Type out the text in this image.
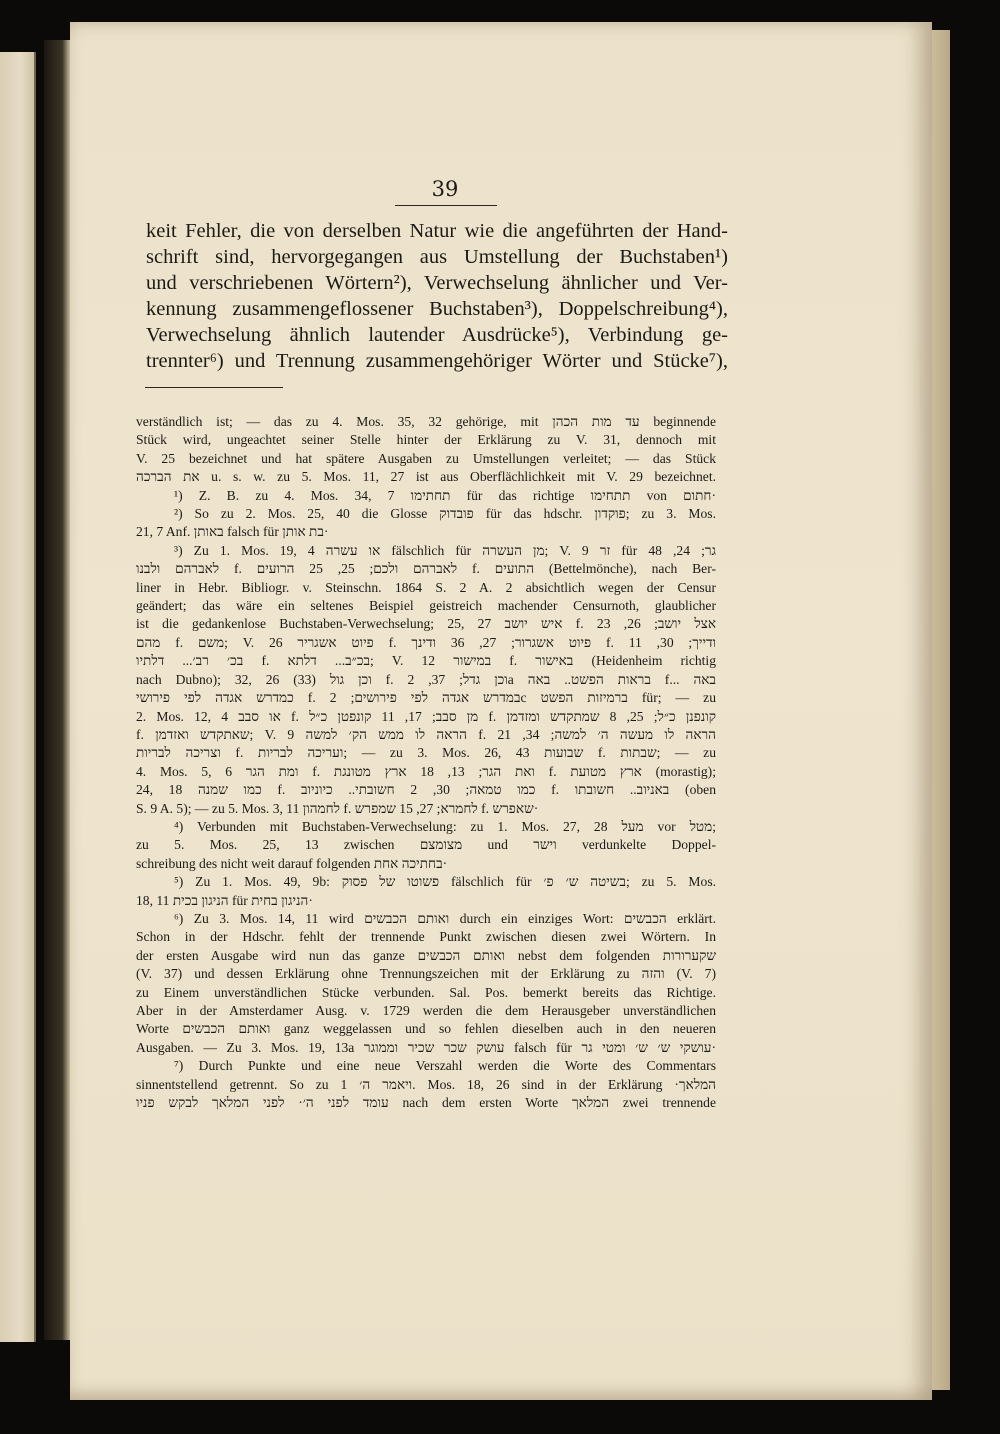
39
keit Fehler, die von derselben Natur wie die angeführten der Hand-
schrift sind, hervorgegangen aus Umstellung der Buchstaben¹)
und verschriebenen Wörtern²), Verwechselung ähnlicher und Ver-
kennung zusammengeflossener Buchstaben³), Doppelschreibung⁴),
Verwechselung ähnlich lautender Ausdrücke⁵), Verbindung ge-
trennter⁶) und Trennung zusammengehöriger Wörter und Stücke⁷),
verständlich ist; — das zu 4. Mos. 35, 32 gehörige, mit עד מות הכהן beginnende
Stück wird, ungeachtet seiner Stelle hinter der Erklärung zu V. 31, dennoch mit
V. 25 bezeichnet und hat spätere Ausgaben zu Umstellungen verleitet; — das Stück
את הברכה u. s. w. zu 5. Mos. 11, 27 ist aus Oberflächlichkeit mit V. 29 bezeichnet.
¹) Z. B. zu 4. Mos. 34, 7 תחתימו für das richtige תתחימו von חתום·
²) So zu 2. Mos. 25, 40 die Glosse פובדוק für das hdschr. פוקדון; zu 3. Mos.
21, 7 Anf. באותן falsch für בת אותן·
³) Zu 1. Mos. 19, 4 או עשרה fälschlich für מן העשרה; V. 9 זר für גר; 24, 48
לאברהם ולבנו f. לאברהם ולכם; 25, 25 הרועים f. התועים (Bettelmönche), nach Ber-
liner in Hebr. Bibliogr. v. Steinschn. 1864 S. 2 A. 2 absichtlich wegen der Censur
geändert; das wäre ein seltenes Beispiel geistreich machender Censurnoth, glaublicher
ist die gedankenlose Buchstaben-Verwechselung; 25, 27 איש יושב f. אצל יושב; 26, 23
מהם f. משם; V. 26 פיוט אשגריר f. פיוט אשגרור; 27, 36 ודינך f. ודייך; 30, 11
בכ׳ רב׳... דלתיו f. בכ״ב... דלתא; V. 12 במישור f. באישור (Heidenheim richtig
nach Dubno); 32, 26 (33) וכן גול f. וכן גדל; 37, 2a בראות הפשט.. באה f... באה
כמדרש אגדה לפי פירושי f. במדרש אגדה לפי פירושים; 2c ברמיזות הפשט für; — zu
2. Mos. 12, 4 או סבב f. מן סבב; 17, 11 קונפטן כ״ל f. קונפנן כ״ל; 25, 8 שמתקדש ומזדמן
f. שאתקדש ואזדמן; V. 9 הראה לו ממש הק׳ למשה f. הראה לו מעשה ה׳ למשה; 34, 21
וצריכה לבריות f. ועריכה לבריות; — zu 3. Mos. 26, 43 שבועות f. שבתות; — zu
4. Mos. 5, 6 ומת הגר f. ואת הגר; 13, 18 ארץ מטונגת f. ארץ מטועת (morastig);
24, 18 כמו שמנה f. כמו טמאה; 30, 2 חשובתי.. כיוניוב f. באניוב.. חשובתו (oben
S. 9 A. 5); — zu 5. Mos. 3, 11 לחמהון f. לחמרא; 27, 15 שמפרש f. שאפרש·
⁴) Verbunden mit Buchstaben-Verwechselung: zu 1. Mos. 27, 28 מעל vor מטל;
zu 5. Mos. 25, 13 zwischen מצומצם und וישר verdunkelte Doppel-
schreibung des nicht weit darauf folgenden בחתיכה אחת·
⁵) Zu 1. Mos. 49, 9b: פשוטו של פסוק fälschlich für בשיטה ש׳ פ׳; zu 5. Mos.
18, 11 הניגון בכית für הניגון בחית·
⁶) Zu 3. Mos. 14, 11 wird ואותם הכבשים durch ein einziges Wort: הכבשים erklärt.
Schon in der Hdschr. fehlt der trennende Punkt zwischen diesen zwei Wörtern. In
der ersten Ausgabe wird nun das ganze ואותם הכבשים nebst dem folgenden שקערורות
(V. 37) und dessen Erklärung ohne Trennungszeichen mit der Erklärung zu והזה (V. 7)
zu Einem unverständlichen Stücke verbunden. Sal. Pos. bemerkt bereits das Richtige.
Aber in der Amsterdamer Ausg. v. 1729 werden die dem Herausgeber unverständlichen
Worte ואותם הכבשים ganz weggelassen und so fehlen dieselben auch in den neueren
Ausgaben. — Zu 3. Mos. 19, 13a עושק שכר שכיר וממוגר falsch für עושקי ש׳ ש׳ ומטי גר·
⁷) Durch Punkte und eine neue Verszahl werden die Worte des Commentars
sinnentstellend getrennt. So zu ויאמר ה׳ 1. Mos. 18, 26 sind in der Erklärung ·המלאך
עומד לפני ה׳· לפני המלאך לבקש פניו nach dem ersten Worte המלאך zwei trennende
